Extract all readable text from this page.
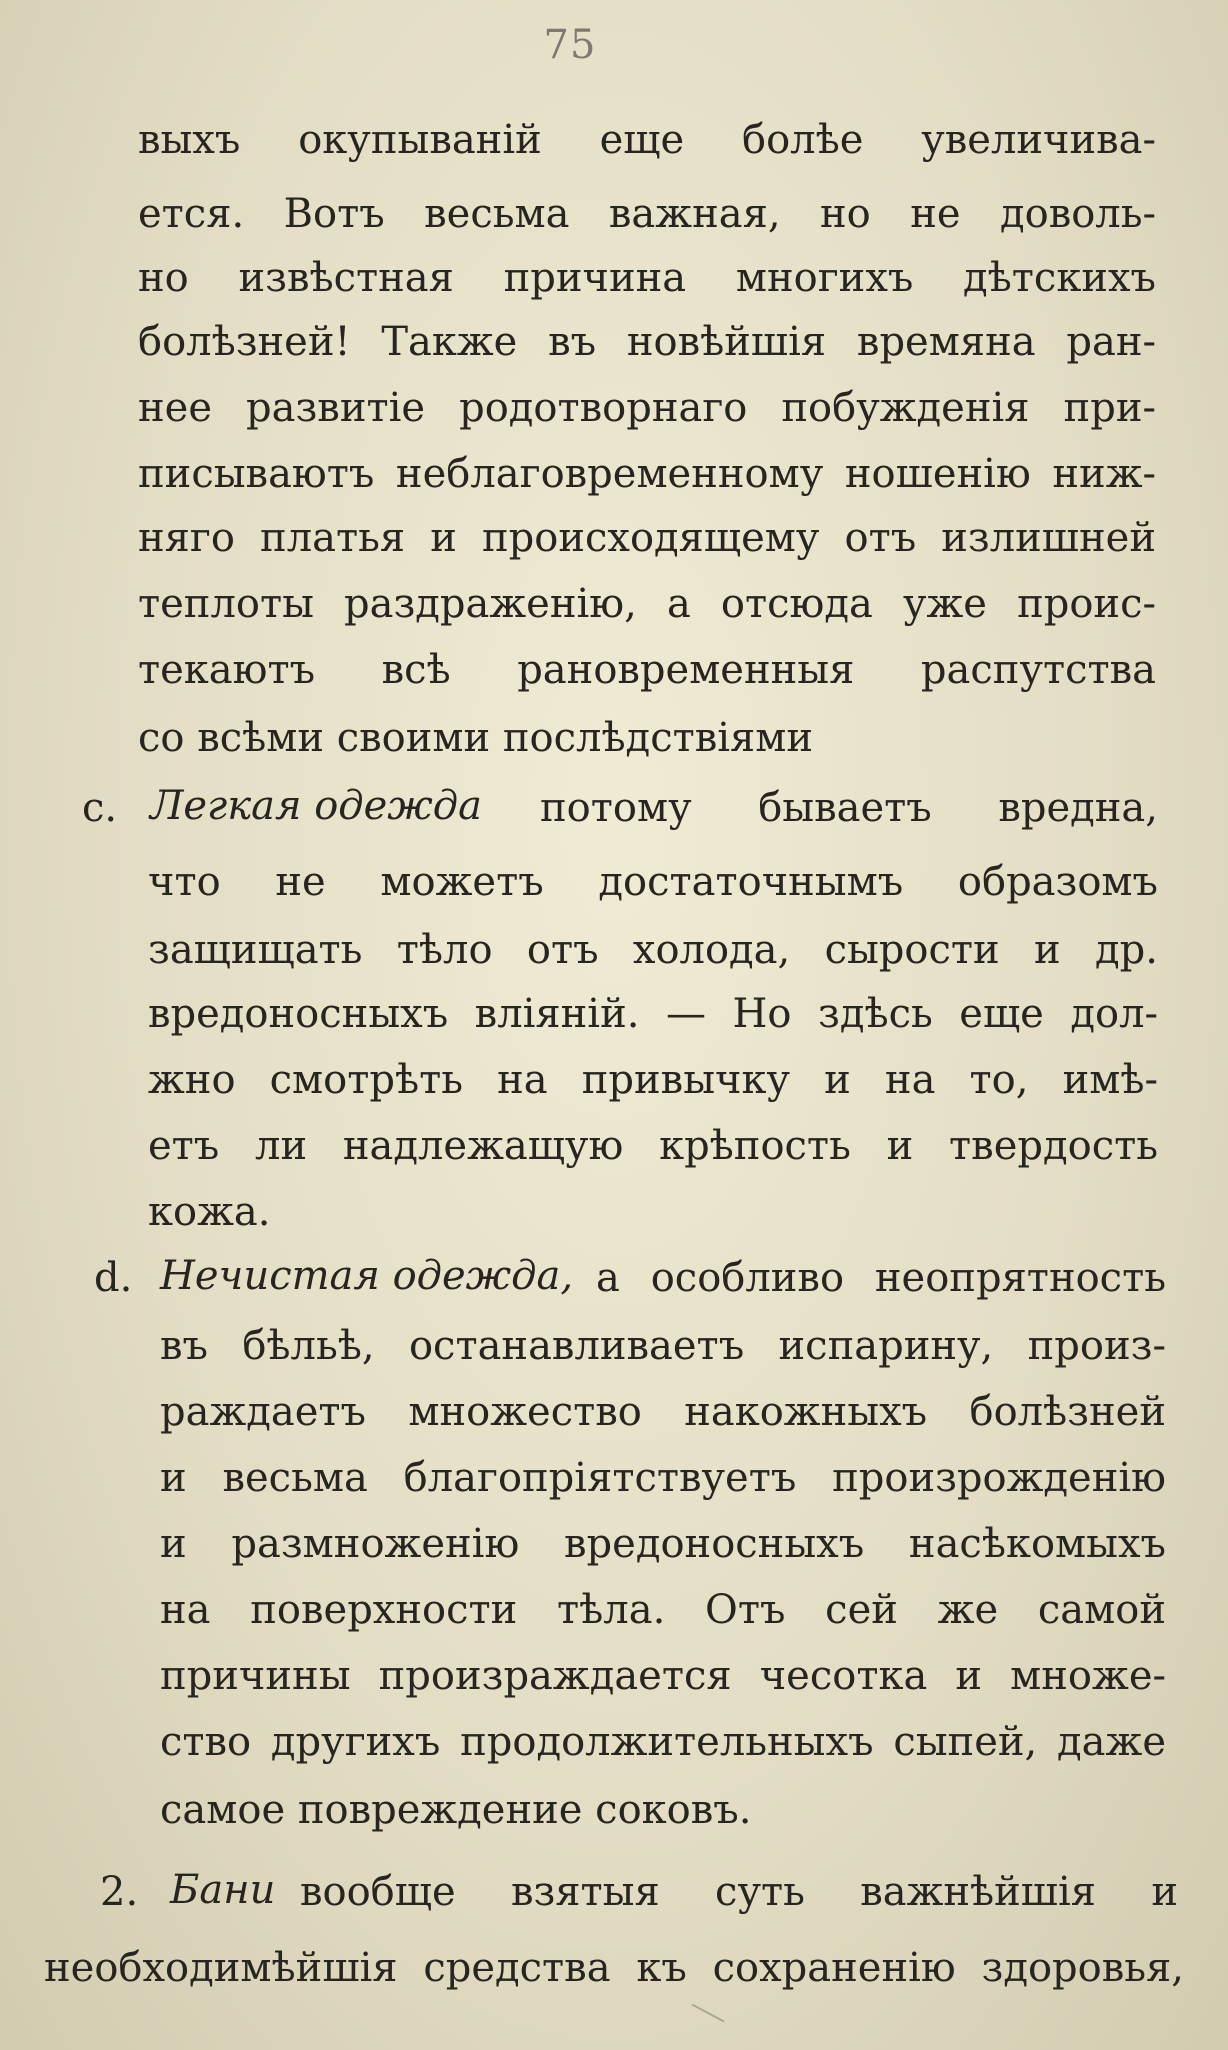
75
выхъ окупываній еще болѣе увеличива-
ется. Вотъ весьма важная, но не доволь-
но извѣстная причина многихъ дѣтскихъ
болѣзней! Также въ новѣйшія времяна ран-
нее развитіе родотворнаго побужденія при-
писываютъ неблаговременному ношенію ниж-
няго платья и происходящему отъ излишней
теплоты раздраженію, а отсюда уже проис-
текаютъ всѣ рановременныя распутства
со всѣми своими послѣдствіями
c. Легкая одежда потому бываетъ вредна,
что не можетъ достаточнымъ образомъ
защищать тѣло отъ холода, сырости и др.
вредоносныхъ вліяній. — Но здѣсь еще дол-
жно смотрѣть на привычку и на то, имѣ-
етъ ли надлежащую крѣпость и твердость
кожа.
d. Нечистая одежда, а особливо неопрятность
въ бѣльѣ, останавливаетъ испарину, произ-
раждаетъ множество накожныхъ болѣзней
и весьма благопріятствуетъ произрожденію
и размноженію вредоносныхъ насѣкомыхъ
на поверхности тѣла. Отъ сей же самой
причины произраждается чесотка и множе-
ство другихъ продолжительныхъ сыпей, даже
самое повреждение соковъ.
2. Бани вообще взятыя суть важнѣйшія и
необходимѣйшія средства къ сохраненію здоровья,
